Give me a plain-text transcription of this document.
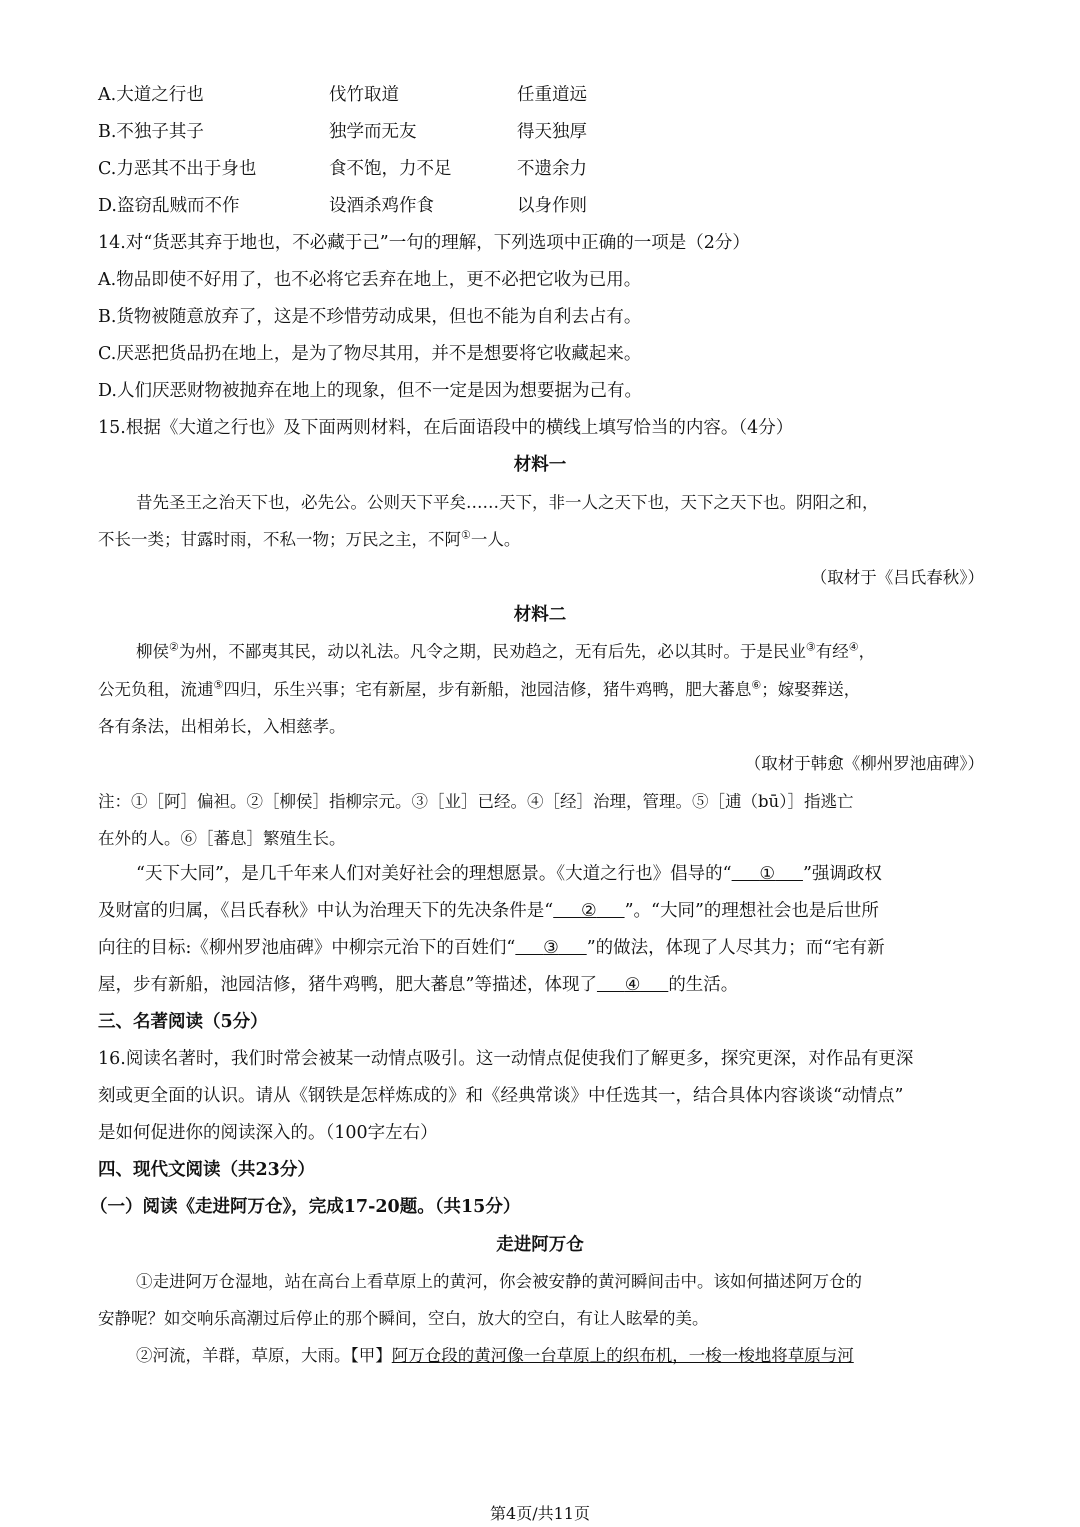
A.大道之行也	伐竹取道	任重道远
B.不独子其子	独学而无友	得天独厚
C.力恶其不出于身也	食不饱，力不足	不遗余力
D.盗窃乱贼而不作	设酒杀鸡作食	以身作则
14.对“货恶其弃于地也，不必藏于己”一句的理解，下列选项中正确的一项是（2分）
A.物品即使不好用了，也不必将它丢弃在地上，更不必把它收为已用。
B.货物被随意放弃了，这是不珍惜劳动成果，但也不能为自利去占有。
C.厌恶把货品扔在地上，是为了物尽其用，并不是想要将它收藏起来。
D.人们厌恶财物被抛弃在地上的现象，但不一定是因为想要据为己有。
15.根据《大道之行也》及下面两则材料，在后面语段中的横线上填写恰当的内容。（4分）
材料一
昔先圣王之治天下也，必先公。公则天下平矣……天下，非一人之天下也，天下之天下也。阴阳之和，
不长一类；甘露时雨，不私一物；万民之主，不阿①一人。
（取材于《吕氏春秋》）
材料二
柳侯②为州，不鄙夷其民，动以礼法。凡令之期，民劝趋之，无有后先，必以其时。于是民业③有经④，
公无负租，流逋⑤四归，乐生兴事；宅有新屋，步有新船，池园洁修，猪牛鸡鸭，肥大蕃息⑥；嫁娶葬送，
各有条法，出相弟长，入相慈孝。
（取材于韩愈《柳州罗池庙碑》）
注：①［阿］偏袒。②［柳侯］指柳宗元。③［业］已经。④［经］治理，管理。⑤［逋（bū）］指逃亡
在外的人。⑥［蕃息］繁殖生长。
“天下大同”，是几千年来人们对美好社会的理想愿景。《大道之行也》倡导的“ ① ”强调政权
及财富的归属，《吕氏春秋》中认为治理天下的先决条件是“ ② ”。“大同”的理想社会也是后世所
向往的目标:《柳州罗池庙碑》中柳宗元治下的百姓们“ ③ ”的做法，体现了人尽其力；而“宅有新
屋，步有新船，池园洁修，猪牛鸡鸭，肥大蕃息”等描述，体现了 ④ 的生活。
三、名著阅读（5分）
16.阅读名著时，我们时常会被某一动情点吸引。这一动情点促使我们了解更多，探究更深，对作品有更深
刻或更全面的认识。请从《钢铁是怎样炼成的》和《经典常谈》中任选其一，结合具体内容谈谈“动情点”
是如何促进你的阅读深入的。（100字左右）
四、现代文阅读（共23分）
（一）阅读《走进阿万仓》，完成17-20题。（共15分）
走进阿万仓
①走进阿万仓湿地，站在高台上看草原上的黄河，你会被安静的黄河瞬间击中。该如何描述阿万仓的
安静呢？如交响乐高潮过后停止的那个瞬间，空白，放大的空白，有让人眩晕的美。
②河流，羊群，草原，大雨。【甲】阿万仓段的黄河像一台草原上的织布机，一梭一梭地将草原与河
第4页/共11页
